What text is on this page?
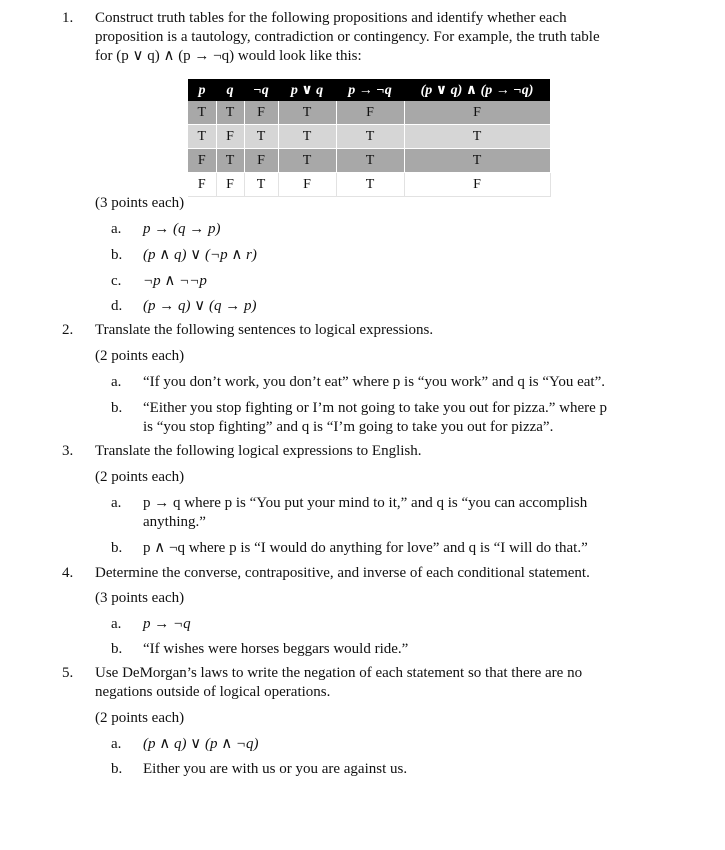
1. Construct truth tables for the following propositions and identify whether each
proposition is a tautology, contradiction or contingency. For example, the truth table
for (p ∨ q) ∧ (p → ¬q) would look like this:
p	q	¬q	p ∨ q	p → ¬q	(p ∨ q) ∧ (p → ¬q)
T	T	F	T	F	F
T	F	T	T	T	T
F	T	F	T	T	T
F	F	T	F	T	F
(3 points each)
a. p → (q → p)
b. (p ∧ q) ∨ (¬p ∧ r)
c. ¬p ∧ ¬¬p
d. (p → q) ∨ (q → p)
2. Translate the following sentences to logical expressions.
(2 points each)
a. “If you don’t work, you don’t eat” where p is “you work” and q is “You eat”.
b. “Either you stop fighting or I’m not going to take you out for pizza.” where p
is “you stop fighting” and q is “I’m going to take you out for pizza”.
3. Translate the following logical expressions to English.
(2 points each)
a. p → q where p is “You put your mind to it,” and q is “you can accomplish
anything.”
b. p ∧ ¬q where p is “I would do anything for love” and q is “I will do that.”
4. Determine the converse, contrapositive, and inverse of each conditional statement.
(3 points each)
a. p → ¬q
b. “If wishes were horses beggars would ride.”
5. Use DeMorgan’s laws to write the negation of each statement so that there are no
negations outside of logical operations.
(2 points each)
a. (p ∧ q) ∨ (p ∧ ¬q)
b. Either you are with us or you are against us.
